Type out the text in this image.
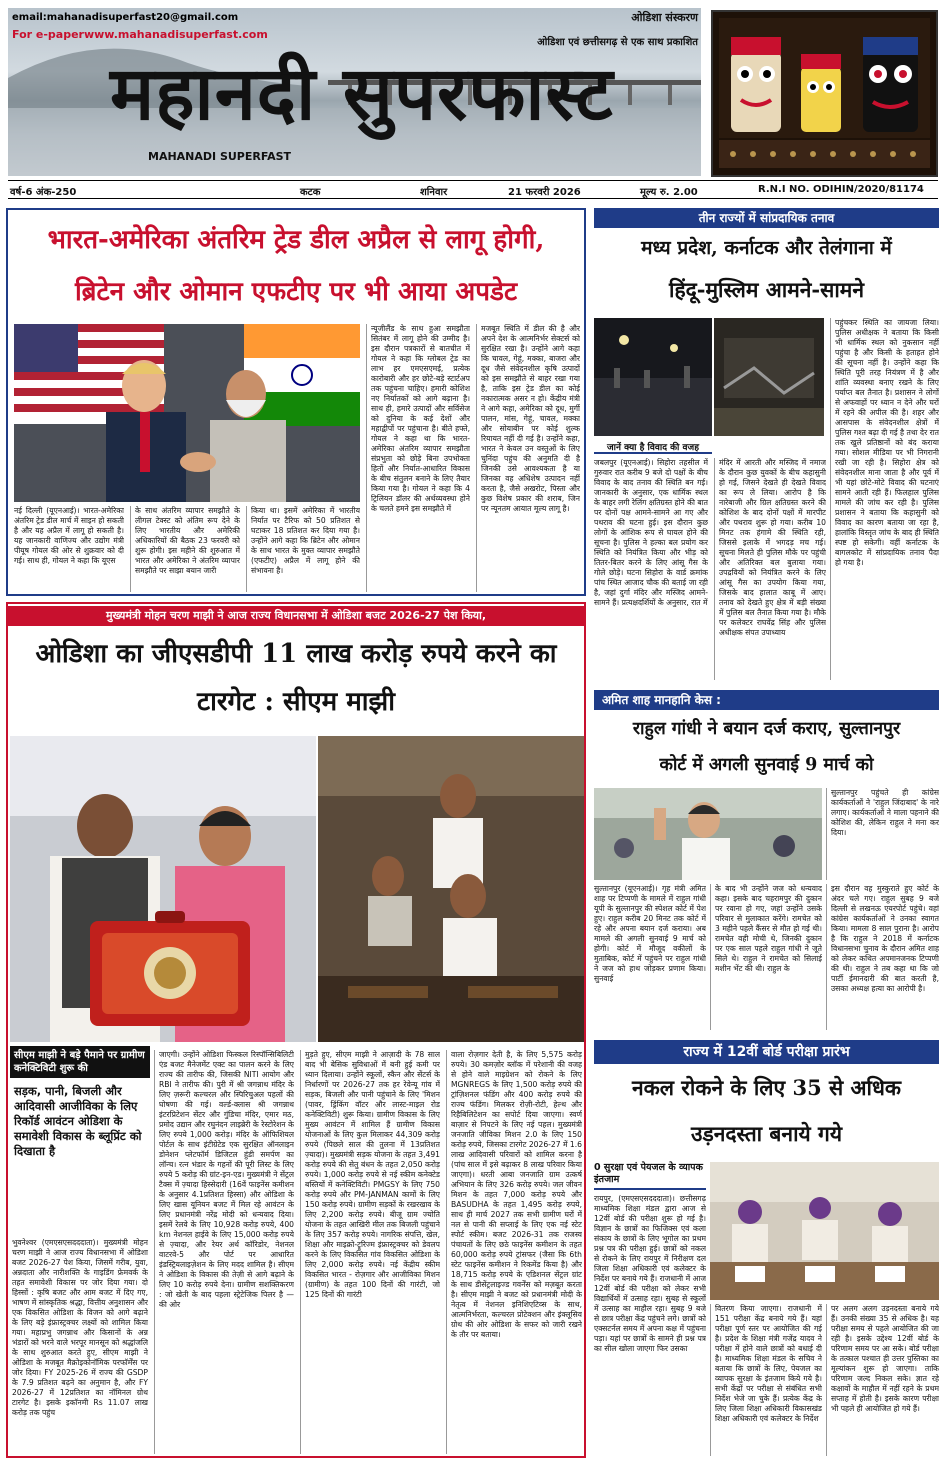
email:mahanadisuperfast20@gmail.com
For e-paperwww.mahanadisuperfast.com
ओडिशा संस्करण
ओडिशा एवं छत्तीसगढ़ से एक साथ प्रकाशित
महानदी सुपरफास्ट
MAHANADI SUPERFAST
वर्ष-6 अंक-250	कटक	शनिवार	21 फरवरी 2026	मूल्य रु. 2.00	R.N.I NO. ODIHIN/2020/81174
भारत-अमेरिका अंतरिम ट्रेड डील अप्रैल से लागू होगी,
ब्रिटेन और ओमान एफटीए पर भी आया अपडेट
नई दिल्ली (यूएनआई)। भारत-अमेरिका अंतरिम ट्रेड डील मार्च में साइन हो सकती है और यह अप्रैल में लागू हो सकती है। यह जानकारी वाणिज्य और उद्योग मंत्री पीयूष गोयल की ओर से शुक्रवार को दी गई। साथ ही, गोयल ने कहा कि यूएस
के साथ अंतरिम व्यापार समझौते के लीगल टेक्स्ट को अंतिम रूप देने के लिए भारतीय और अमेरिकी अधिकारियों की बैठक 23 फरवरी को शुरू होगी। इस महीने की शुरुआत में भारत और अमेरिका ने अंतरिम व्यापार समझौते पर साझा बयान जारी
किया था। इसमें अमेरिका में भारतीय निर्यात पर टैरिफ को 50 प्रतिशत से घटाकर 18 प्रतिशत कर दिया गया है। उन्होंने आगे कहा कि ब्रिटेन और ओमान के साथ भारत के मुक्त व्यापार समझौते (एफटीए) अप्रैल में लागू होने की संभावना है।
न्यूजीलैंड के साथ हुआ समझौता सितंबर में लागू होने की उम्मीद है। इस दौरान पत्रकारों से बातचीत में गोयल ने कहा कि ग्लोबल ट्रेड का लाभ हर एमएसएमई, प्रत्येक कारोबारी और हर छोटे-बड़े स्टार्टअप तक पहुंचना चाहिए। हमारी कोशिश नए निर्यातकों को आगे बढ़ाना है। साथ ही, हमारे उत्पादों और सर्विसेज को दुनिया के कई देशों और महाद्वीपों पर पहुंचाना है। बीते हफ्ते, गोयल ने कहा था कि भारत-अमेरिका अंतरिम व्यापार समझौता संप्रभुता को छोड़े बिना उपभोक्ता हितों और निर्यात-आधारित विकास के बीच संतुलन बनाने के लिए तैयार किया गया है। गोयल ने कहा कि 4 ट्रिलियन डॉलर की अर्थव्यवस्था होने के चलते हमने इस समझौते में
मजबूत स्थिति में डील की है और अपने देश के आत्मनिर्भर सेक्टर्स को सुरक्षित रखा है। उन्होंने आगे कहा कि चावल, गेहूं, मक्का, बाजरा और दूध जैसे संवेदनशील कृषि उत्पादों को इस समझौते से बाहर रखा गया है, ताकि इस ट्रेड डील का कोई नकारात्मक असर न हो। केंद्रीय मंत्री ने आगे कहा, अमेरिका को दूध, मुर्गी पालन, मांस, गेहूं, चावल, मक्का और सोयाबीन पर कोई शुल्क रियायत नहीं दी गई है। उन्होंने कहा, भारत ने केवल उन वस्तुओं के लिए चुनिंदा पहुंच की अनुमति दी है जिनकी उसे आवश्यकता है या जिनका वह अधिशेष उत्पादन नहीं करता है, जैसे अखरोट, पिस्ता और कुछ विशेष प्रकार की शराब, जिन पर न्यूनतम आयात मूल्य लागू है।
तीन राज्यों में सांप्रदायिक तनाव
मध्य प्रदेश, कर्नाटक और तेलंगाना में
हिंदू-मुस्लिम आमने-सामने
जानें क्या है विवाद की वजह
जबलपुर (यूएनआई)। सिहोरा तहसील में गुरुवार रात करीब 9 बजे दो पक्षों के बीच विवाद के बाद तनाव की स्थिति बन गई। जानकारी के अनुसार, एक धार्मिक स्थल के बाहर लगी रेलिंग क्षतिग्रस्त होने की बात पर दोनों पक्ष आमने-सामने आ गए और पथराव की घटना हुई। इस दौरान कुछ लोगों के आंशिक रूप से घायल होने की सूचना है। पुलिस ने हल्का बल प्रयोग कर स्थिति को नियंत्रित किया और भीड़ को तितर-बितर करने के लिए आंसू गैस के गोले छोड़े। घटना सिहोरा के वार्ड क्रमांक पांच स्थित आजाद चौक की बताई जा रही है, जहां दुर्गा मंदिर और मस्जिद आमने-सामने हैं। प्रत्यक्षदर्शियों के अनुसार, रात में
मंदिर में आरती और मस्जिद में नमाज के दौरान कुछ युवकों के बीच कहासुनी हो गई, जिसने देखते ही देखते विवाद का रूप ले लिया। आरोप है कि नारेबाजी और ग्रिल क्षतिग्रस्त करने की कोशिश के बाद दोनों पक्षों में मारपीट और पथराव शुरू हो गया। करीब 10 मिनट तक हंगामे की स्थिति रही, जिससे इलाके में भगदड़ मच गई। सूचना मिलते ही पुलिस मौके पर पहुंची और अतिरिक्त बल बुलाया गया। उपद्रवियों को नियंत्रित करने के लिए आंसू गैस का उपयोग किया गया, जिसके बाद हालात काबू में आए। तनाव को देखते हुए क्षेत्र में बड़ी संख्या में पुलिस बल तैनात किया गया है। मौके पर कलेक्टर राघवेंद्र सिंह और पुलिस अधीक्षक संपत उपाध्याय
पहुंचकर स्थिति का जायजा लिया। पुलिस अधीक्षक ने बताया कि किसी भी धार्मिक स्थल को नुकसान नहीं पहुंचा है और किसी के हताहत होने की सूचना नहीं है। उन्होंने कहा कि स्थिति पूरी तरह नियंत्रण में है और शांति व्यवस्था बनाए रखने के लिए पर्याप्त बल तैनात है। प्रशासन ने लोगों से अफवाहों पर ध्यान न देने और घरों में रहने की अपील की है। शहर और आसपास के संवेदनशील क्षेत्रों में पुलिस गश्त बढ़ा दी गई है तथा देर रात तक खुले प्रतिष्ठानों को बंद कराया गया। सोशल मीडिया पर भी निगरानी रखी जा रही है। सिहोरा क्षेत्र को संवेदनशील माना जाता है और पूर्व में भी यहां छोटे-मोटे विवाद की घटनाएं सामने आती रही हैं। फिलहाल पुलिस मामले की जांच कर रही है। पुलिस प्रशासन ने बताया कि कहासुनी को विवाद का कारण बताया जा रहा है, हालांकि विस्तृत जांच के बाद ही स्थिति स्पष्ट हो सकेगी। वहीं कर्नाटक के बागलकोट में सांप्रदायिक तनाव पैदा हो गया है।
मुख्यमंत्री मोहन चरण माझी ने आज राज्य विधानसभा में ओडिशा बजट 2026-27 पेश किया,
ओडिशा का जीएसडीपी 11 लाख करोड़ रुपये करने का
टारगेट : सीएम माझी
सीएम माझी ने बड़े पैमाने पर ग्रामीण कनेक्टिविटी शुरू की
सड़क, पानी, बिजली और आदिवासी आजीविका के लिए रिकॉर्ड आवंटन ओडिशा के समावेशी विकास के ब्लूप्रिंट को दिखाता है
भुवनेश्वर (एमएसएसदददाता)। मुख्यमंत्री मोहन चरण माझी ने आज राज्य विधानसभा में ओडिशा बजट 2026-27 पेश किया, जिसमें गरीब, युवा, अन्नदाता और नारीशक्ति के गाइडिंग फ्रेमवर्क के तहत समावेशी विकास पर जोर दिया गया। दो हिस्सों : कृषि बजट और आम बजट में दिए गए, भाषण में सांस्कृतिक श्रद्धा, वित्तीय अनुशासन और एक विकसित ओडिशा के विजन को आगे बढ़ाने के लिए बड़े इंफ्रास्ट्रक्चर लक्ष्यों को शामिल किया गया। महाप्रभु जगन्नाथ और किसानों के अन्न भंडारों को भरने वाले भरपूर मानसून को श्रद्धांजलि के साथ शुरुआत करते हुए, सीएम माझी ने ओडिशा के मजबूत मैक्रोइकोनॉमिक परफॉर्मेंस पर जोर दिया। FY 2025-26 में राज्य की GSDP के 7.9 प्रतिशत बढ़ने का अनुमान है, और FY 2026-27 में 12प्रतिशत का नॉमिनल ग्रोथ टारगेट है। इसके इकॉनमी Rs 11.07 लाख करोड़ तक पहुंच
जाएगी। उन्होंने ओडिशा फिस्कल रिस्पॉन्सिबिलिटी एंड बजट मैनेजमेंट एक्ट का पालन करने के लिए राज्य की तारीफ की, जिसकी NITI आयोग और RBI ने तारीफ की। पुरी में श्री जगन्नाथ मंदिर के लिए ज़रूरी कल्चरल और स्पिरिचुअल पहलों की घोषणा की गई। वर्ल्ड-क्लास श्री जगन्नाथ इंटरप्रिटेशन सेंटर और गुंडिचा मंदिर, एमार मठ, प्रमोद उद्यान और रघुनंदन लाइब्रेरी के रेस्टोरेशन के लिए रुपये 1,000 करोड़। मंदिर के ऑफिशियल पोर्टल के साथ इंटीग्रेटेड एक सुरक्षित ऑनलाइन डोनेशन प्लेटफॉर्म डिजिटल हुंडी समर्पण का लॉन्च। रत्न भंडार के गहनों की पूरी लिस्ट के लिए रुपये 5 करोड़ की ग्रांट-इन-एड। मुख्यमंत्री ने सेंट्रल टैक्स में ज़्यादा हिस्सेदारी (16वें फाइनेंस कमीशन के अनुसार 4.1प्रतिशत हिस्सा) और ओडिशा के लिए खास यूनियन बजट में मिल रहे आवंटन के लिए प्रधानमंत्री नरेंद्र मोदी को धन्यवाद दिया। इसमें रेलवे के लिए 10,928 करोड़ रुपये, 400 km नेशनल हाईवे के लिए 15,000 करोड़ रुपये से ज़्यादा, और रेयर अर्थ कॉरिडोर, नेशनल वाटरवे-5 और पोर्ट पर आधारित इंडस्ट्रियलाइज़ेशन के लिए मदद शामिल है। सीएम ने ओडिशा के विकास की तेज़ी से आगे बढ़ाने के लिए 10 करोड़ रुपये देना। ग्रामीण सशक्तिकरण : जो खेती के बाद पहला स्ट्रेटेजिक पिलर है — की ओर
मुड़ते हुए, सीएम माझी ने आज़ादी के 78 साल बाद भी बेसिक सुविधाओं में बनी हुई कमी पर ध्यान दिलाया। उन्होंने स्कूलों, स्कैन और सेंटर्स के निर्धारणों पर 2026-27 तक हर रेवेन्यू गांव में सड़क, बिजली और पानी पहुंचाने के लिए 'मिशन (पावर, ड्रिंकिंग वॉटर और लास्ट-माइल रोड कनेक्टिविटी) शुरू किया। ग्रामीण विकास के लिए मुख्य आवंटन में शामिल हैं ग्रामीण विकास योजनाओं के लिए कुल मिलाकर 44,309 करोड़ रुपये (पिछले साल की तुलना में 13प्रतिशत ज़्यादा)। मुख्यमंत्री सड़क योजना के तहत 3,491 करोड़ रुपये की सेतु बंधन के तहत 2,050 करोड़ रुपये। 1,000 करोड़ रुपये से नई स्कीम कनेक्टेड बस्तियों में कनेक्टिविटी। PMGSY के लिए 750 करोड़ रुपये और PM-JANMAN कामों के लिए 150 करोड़ रुपये। ग्रामीण सड़कों के रखरखाव के लिए 2,200 करोड़ रुपये। बीजू ग्राम ज्योति योजना के तहत आखिरी मील तक बिजली पहुंचाने के लिए 357 करोड़ रुपये। नागरिक संपत्ति, खेल, शिक्षा और माइक्रो-ट्रूरिज्म इंफ्रास्ट्रक्चर को डेवलप करने के लिए विकसित गांव विकसित ओडिशा के लिए 2,000 करोड़ रुपये। नई केंद्रीय स्कीम विकसित भारत - रोज़गार और आजीविका मिशन (ग्रामीण) के तहत 100 दिनों की गारंटी, जो 125 दिनों की गारंटी
वाला रोज़गार देती है, के लिए 5,575 करोड़ रुपये। 30 कमज़ोर ब्लॉक में परेशानी की वजह से होने वाले माइग्रेशन को रोकने के लिए MGNREGS के लिए 1,500 करोड़ रुपये की ट्रांज़िशनल फंडिंग और 400 करोड़ रुपये की राज्य फंडिंग। मिलकर रोज़ी-रोटी, हेल्थ और रिहैबिलिटेशन का सपोर्ट दिया जाएगा। स्वर्ण बाज़ार से निपटने के लिए नई पहल। मुख्यमंत्री जनजाति जीविका मिशन 2.0 के लिए 150 करोड़ रुपये, जिसका टारगेट 2026-27 में 1.6 लाख आदिवासी परिवारों को शामिल करना है (पांच साल में इसे बढ़ाकर 8 लाख परिवार किया जाएगा)। धरती आबा जनजाति ग्राम उत्कर्ष अभियान के लिए 326 करोड़ रुपये। जल जीवन मिशन के तहत 7,000 करोड़ रुपये और BASUDHA के तहत 1,495 करोड़ रुपये, साथ ही मार्च 2027 तक सभी ग्रामीण घरों में नल से पानी की सप्लाई के लिए एक नई स्टेट स्पोर्ट स्कीम। बजट 2026-31 तक राजस्व पंचायतों के लिए छठे फाइनेंस कमीशन के तहत 60,000 करोड़ रुपये ट्रांसफर (जैसा कि 6th स्टेट फाइनेंस कमीशन ने रिकमेंड किया है) और 18,715 करोड़ रुपये के एडिशनल सेंट्रल ग्रांट के साथ डीसेंट्रलाइज्ड गवर्नेंस को मज़बूत करता है। सीएम माझी ने बजट को प्रधानमंत्री मोदी के नेतृत्व में नेशनल इनिशिएटिव्स के साथ, आत्मनिर्भरता, कल्चरल प्रोटेक्शन और इंक्लूसिव ग्रोथ की ओर ओडिशा के सफर को जारी रखने के तौर पर बताया।
अमित शाह मानहानि केस :
राहुल गांधी ने बयान दर्ज कराए, सुल्तानपुर
कोर्ट में अगली सुनवाई 9 मार्च को
सुल्तानपुर पहुंचते ही कांग्रेस कार्यकर्ताओं ने 'राहुल जिंदाबाद' के नारे लगाए। कार्यकर्ताओं ने माला पहनाने की कोशिश की, लेकिन राहुल ने मना कर दिया।
सुल्तानपुर (यूएनआई)। गृह मंत्री अमित शाह पर टिप्पणी के मामले में राहुल गांधी यूपी के सुल्तानपुर की स्पेशल कोर्ट में पेश हुए। राहुल करीब 20 मिनट तक कोर्ट में रहे और अपना बयान दर्ज कराया। अब मामले की अगली सुनवाई 9 मार्च को होगी। कोर्ट में मौजूद वकीलों के मुताबिक, कोर्ट में पहुंचने पर राहुल गांधी ने जज को हाथ जोड़कर प्रणाम किया। सुनवाई
के बाद भी उन्होंने जज को धन्यवाद कहा। इसके बाद चहरामपुर की दुकान पर रवाना हो गए, जहां उन्होंने उसके परिवार से मुलाकात करेंगे। रामचेत को 3 महीने पहले कैंसर से मौत हो गई थी। रामचेत वही मोची थे, जिनकी दुकान पर एक साल पहले राहुल गांधी ने जूते सिले थे। राहुल ने रामचेत को सिलाई मशीन भेंट की थी। राहुल के
इस दौरान वह मुस्कुराते हुए कोर्ट के अंदर चले गए। राहुल सुबह 9 बजे दिल्ली से लखनऊ एयरपोर्ट पहुंचे। वहां कांग्रेस कार्यकर्ताओं ने उनका स्वागत किया। मामला 8 साल पुराना है। आरोप है कि राहुल ने 2018 में कर्नाटक विधानसभा चुनाव के दौरान अमित शाह को लेकर कथित अपमानजनक टिप्पणी की थी। राहुल ने तब कहा था कि जो पार्टी ईमानदारी की बात करती है, उसका अध्यक्ष हत्या का आरोपी है।
राज्य में 12वीं बोर्ड परीक्षा प्रारंभ
नकल रोकने के लिए 35 से अधिक
उड़नदस्ता बनाये गये
0 सुरक्षा एवं पेयजल के व्यापक इंतजाम
रायपुर, (एमएसएसदददाता)। छत्तीसगढ़ माध्यमिक शिक्षा मंडल द्वारा आज से 12वीं बोर्ड की परीक्षा शुरू हो गई है। विज्ञान के छात्रों का फिजिक्स एवं कला संकाय के छात्रों के लिए भूगोल का प्रथम प्रश्न पत्र की परीक्षा हुई। छात्रों को नकल से रोकने के लिए रायपुर में निरीक्षण दल जिला शिक्षा अधिकारी एवं कलेक्टर के निर्देश पर बनाये गये हैं। राजधानी में आज 12वीं बोर्ड की परीक्षा को लेकर सभी विद्यार्थियों में उत्साह रहा। सुबह से स्कूलों में उत्साह का माहौल रहा। सुबह 9 बजे से छात्र परीक्षा केंद्र पहुंचने लगे। छात्रों को एक्सटर्नल समय में अपना कक्ष में पहुंचना पड़ा। यहां पर छात्रों के सामने ही प्रश्न पत्र का सील खोला जाएगा फिर उसका
वितरण किया जाएगा। राजधानी में 151 परीक्षा केंद्र बनाये गये हैं। यहां परीक्षा पूर्ण स्तर पर आयोजित की गई है। प्रदेश के शिक्षा मंत्री गजेंद्र यादव ने परीक्षा में होने वाले छात्रों को बधाई दी है। माध्यमिक शिक्षा मंडल के सचिव ने बताया कि छात्रों के लिए, पेयजल का व्यापक सुरक्षा के इंतजाम किये गये है। सभी केंद्रों पर परीक्षा से संबंधित सभी निर्देश भेजे जा चुके हैं। प्रत्येक केंद्र के लिए जिला शिक्षा अधिकारी विकासखंड शिक्षा अधिकारी एवं कलेक्टर के निर्देश
पर अलग अलग उड़नदस्ता बनाये गये हैं। उनकी संख्या 35 से अधिक है। यह परीक्षा समय से पहले आयोजित की जा रही है। इसके उद्देश्य 12वीं बोर्ड के परिणाम समय पर आ सके। बोर्ड परीक्षा के तत्काल पश्चात ही उत्तर पुस्तिका का मूल्यांकन शुरू हो जाएगा। ताकि परिणाम जल्द निकल सके। ज्ञात रहे कक्षावों के माहौल में नहीं रहने के प्रथम सप्ताह में होती है। इसके कारण परीक्षा भी पहले ही आयोजित हो गये हैं।
